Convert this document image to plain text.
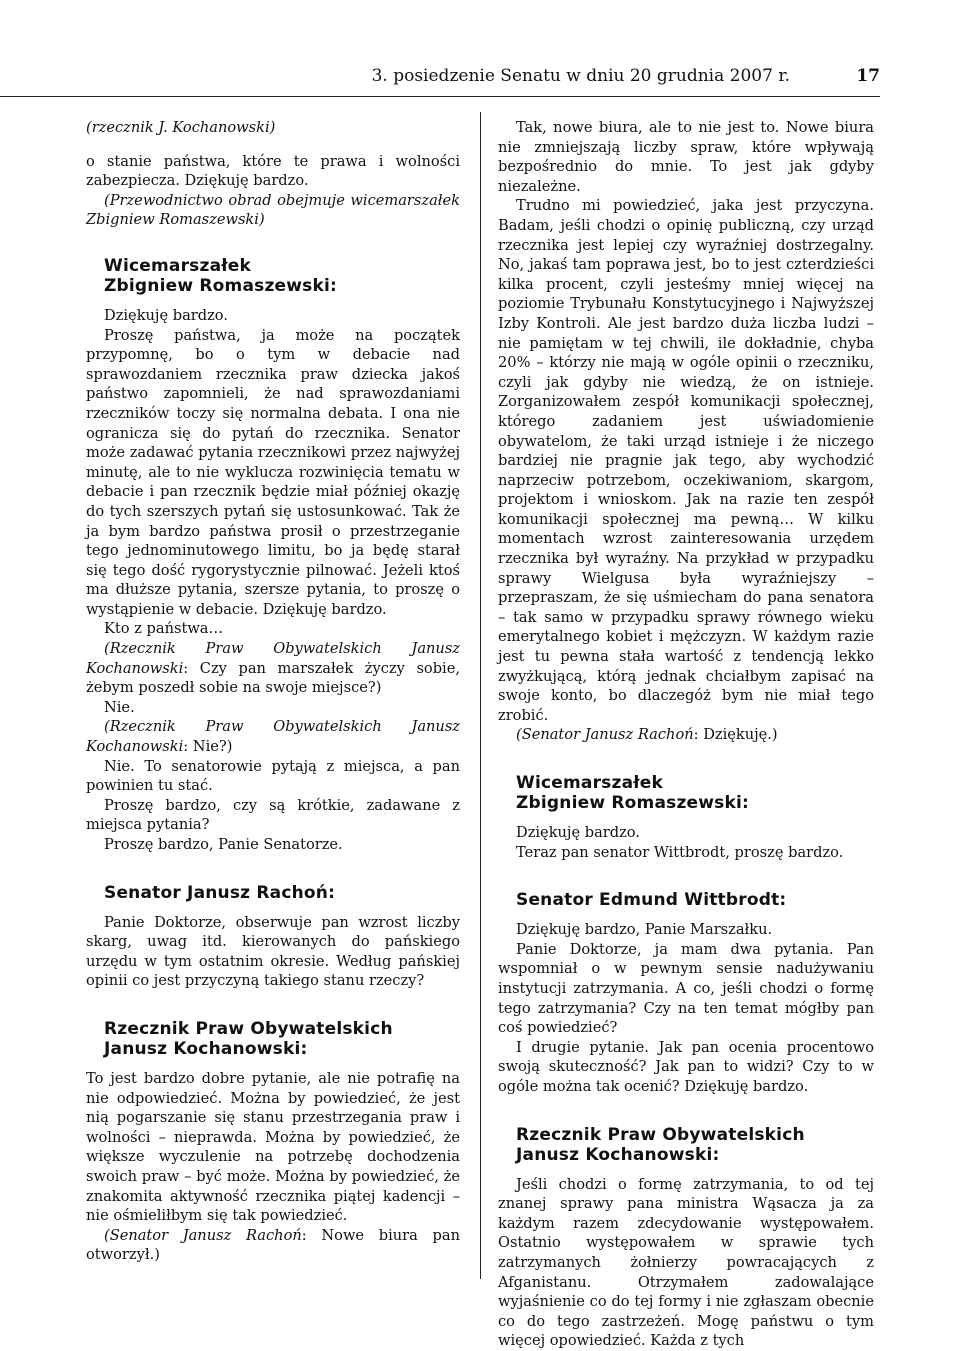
3. posiedzenie Senatu w dniu 20 grudnia 2007 r.	17

(rzecznik J. Kochanowski)

o stanie państwa, które te prawa i wolności zabezpiecza. Dziękuję bardzo.

(Przewodnictwo obrad obejmuje wicemarszałek Zbigniew Romaszewski)

Wicemarszałek
Zbigniew Romaszewski:

Dziękuję bardzo.

Proszę państwa, ja może na początek przypomnę, bo o tym w debacie nad sprawozdaniem rzecznika praw dziecka jakoś państwo zapomnieli, że nad sprawozdaniami rzeczników toczy się normalna debata. I ona nie ogranicza się do pytań do rzecznika. Senator może zadawać pytania rzecznikowi przez najwyżej minutę, ale to nie wyklucza rozwinięcia tematu w debacie i pan rzecznik będzie miał później okazję do tych szerszych pytań się ustosunkować. Tak że ja bym bardzo państwa prosił o przestrzeganie tego jednominutowego limitu, bo ja będę starał się tego dość rygorystycznie pilnować. Jeżeli ktoś ma dłuższe pytania, szersze pytania, to proszę o wystąpienie w debacie. Dziękuję bardzo.

Kto z państwa…

(Rzecznik Praw Obywatelskich Janusz Kochanowski: Czy pan marszałek życzy sobie, żebym poszedł sobie na swoje miejsce?)

Nie.

(Rzecznik Praw Obywatelskich Janusz Kochanowski: Nie?)

Nie. To senatorowie pytają z miejsca, a pan powinien tu stać.

Proszę bardzo, czy są krótkie, zadawane z miejsca pytania?

Proszę bardzo, Panie Senatorze.

Senator Janusz Rachoń:

Panie Doktorze, obserwuje pan wzrost liczby skarg, uwag itd. kierowanych do pańskiego urzędu w tym ostatnim okresie. Według pańskiej opinii co jest przyczyną takiego stanu rzeczy?

Rzecznik Praw Obywatelskich
Janusz Kochanowski:

To jest bardzo dobre pytanie, ale nie potrafię na nie odpowiedzieć. Można by powiedzieć, że jest nią pogarszanie się stanu przestrzegania praw i wolności – nieprawda. Można by powiedzieć, że większe wyczulenie na potrzebę dochodzenia swoich praw – być może. Można by powiedzieć, że znakomita aktywność rzecznika piątej kadencji – nie ośmieliłbym się tak powiedzieć.

(Senator Janusz Rachoń: Nowe biura pan otworzył.)

Tak, nowe biura, ale to nie jest to. Nowe biura nie zmniejszają liczby spraw, które wpływają bezpośrednio do mnie. To jest jak gdyby niezależne.

Trudno mi powiedzieć, jaka jest przyczyna. Badam, jeśli chodzi o opinię publiczną, czy urząd rzecznika jest lepiej czy wyraźniej dostrzegalny. No, jakaś tam poprawa jest, bo to jest czterdzieści kilka procent, czyli jesteśmy mniej więcej na poziomie Trybunału Konstytucyjnego i Najwyższej Izby Kontroli. Ale jest bardzo duża liczba ludzi – nie pamiętam w tej chwili, ile dokładnie, chyba 20% – którzy nie mają w ogóle opinii o rzeczniku, czyli jak gdyby nie wiedzą, że on istnieje. Zorganizowałem zespół komunikacji społecznej, którego zadaniem jest uświadomienie obywatelom, że taki urząd istnieje i że niczego bardziej nie pragnie jak tego, aby wychodzić naprzeciw potrzebom, oczekiwaniom, skargom, projektom i wnioskom. Jak na razie ten zespół komunikacji społecznej ma pewną… W kilku momentach wzrost zainteresowania urzędem rzecznika był wyraźny. Na przykład w przypadku sprawy Wielgusa była wyraźniejszy – przepraszam, że się uśmiecham do pana senatora – tak samo w przypadku sprawy równego wieku emerytalnego kobiet i mężczyzn. W każdym razie jest tu pewna stała wartość z tendencją lekko zwyżkującą, którą jednak chciałbym zapisać na swoje konto, bo dlaczegóż bym nie miał tego zrobić.

(Senator Janusz Rachoń: Dziękuję.)

Wicemarszałek
Zbigniew Romaszewski:

Dziękuję bardzo.

Teraz pan senator Wittbrodt, proszę bardzo.

Senator Edmund Wittbrodt:

Dziękuję bardzo, Panie Marszałku.

Panie Doktorze, ja mam dwa pytania. Pan wspomniał o w pewnym sensie nadużywaniu instytucji zatrzymania. A co, jeśli chodzi o formę tego zatrzymania? Czy na ten temat mógłby pan coś powiedzieć?

I drugie pytanie. Jak pan ocenia procentowo swoją skuteczność? Jak pan to widzi? Czy to w ogóle można tak ocenić? Dziękuję bardzo.

Rzecznik Praw Obywatelskich
Janusz Kochanowski:

Jeśli chodzi o formę zatrzymania, to od tej znanej sprawy pana ministra Wąsacza ja za każdym razem zdecydowanie występowałem. Ostatnio występowałem w sprawie tych zatrzymanych żołnierzy powracających z Afganistanu. Otrzymałem zadowalające wyjaśnienie co do tej formy i nie zgłaszam obecnie co do tego zastrzeżeń. Mogę państwu o tym więcej opowiedzieć. Każda z tych
